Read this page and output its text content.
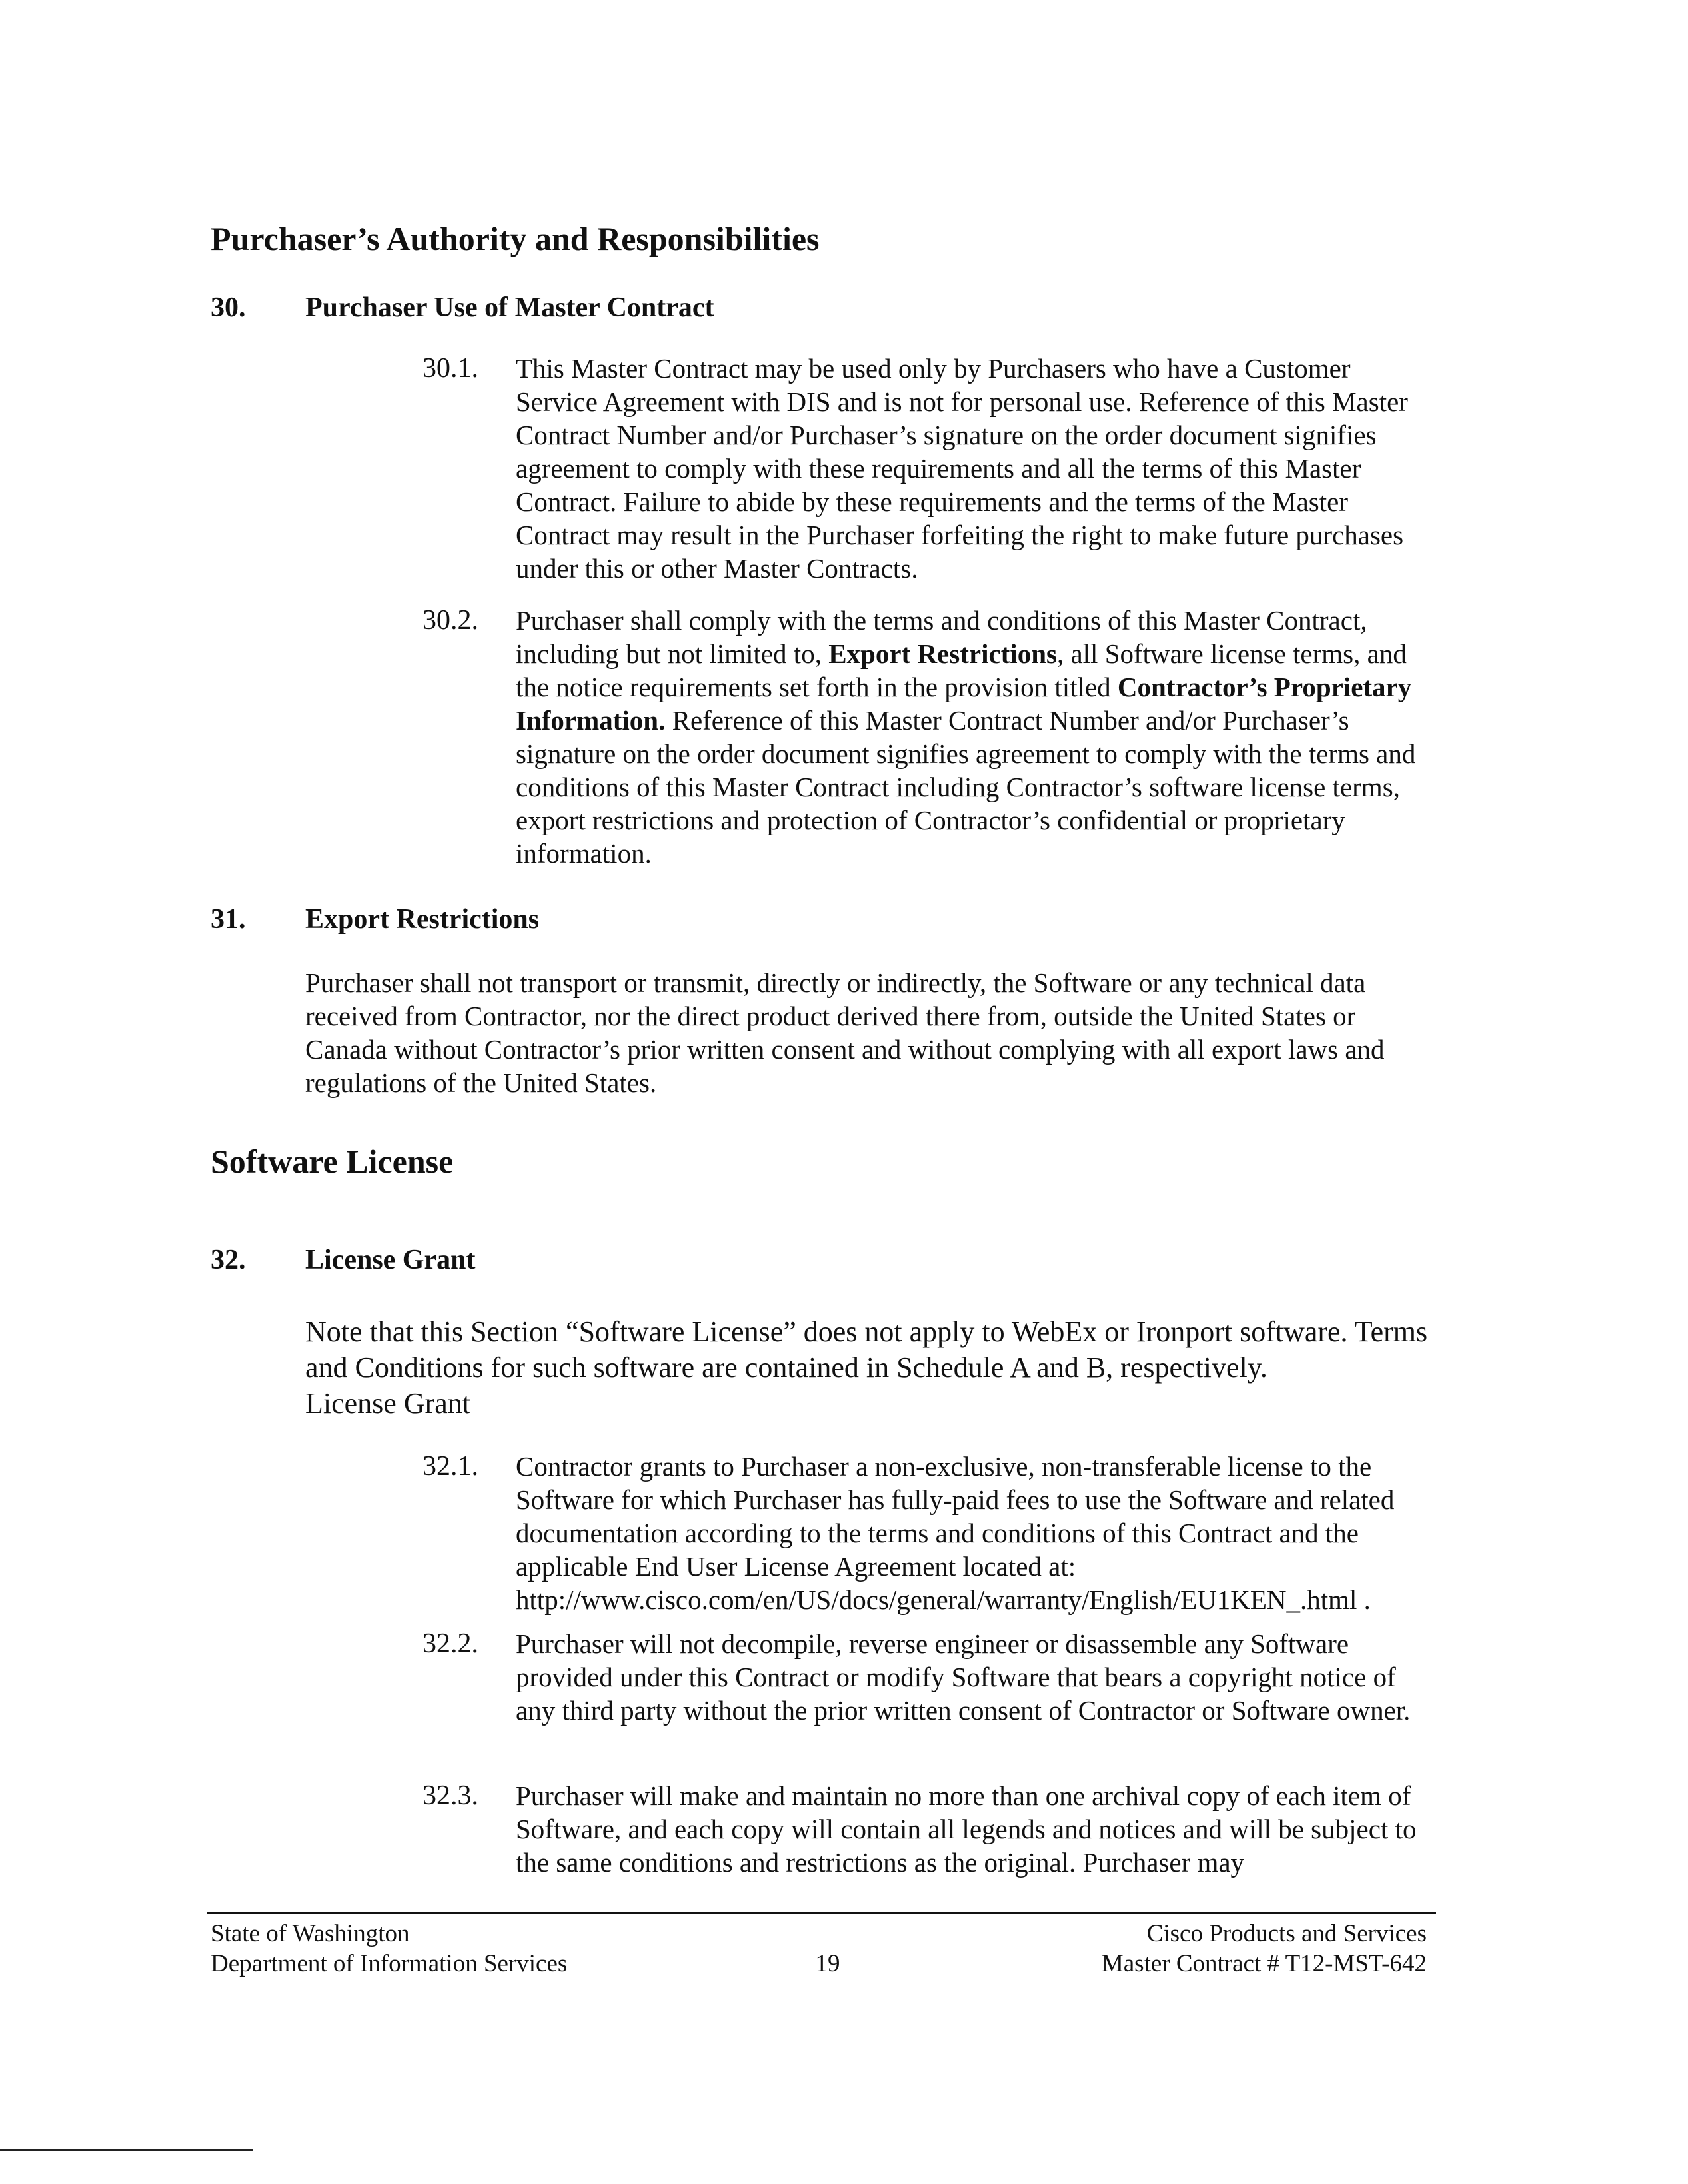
Purchaser’s Authority and Responsibilities
30. Purchaser Use of Master Contract
30.1. This Master Contract may be used only by Purchasers who have a Customer Service Agreement with DIS and is not for personal use. Reference of this Master Contract Number and/or Purchaser’s signature on the order document signifies agreement to comply with these requirements and all the terms of this Master Contract. Failure to abide by these requirements and the terms of the Master Contract may result in the Purchaser forfeiting the right to make future purchases under this or other Master Contracts.
30.2. Purchaser shall comply with the terms and conditions of this Master Contract, including but not limited to, Export Restrictions, all Software license terms, and the notice requirements set forth in the provision titled Contractor’s Proprietary Information. Reference of this Master Contract Number and/or Purchaser’s signature on the order document signifies agreement to comply with the terms and conditions of this Master Contract including Contractor’s software license terms, export restrictions and protection of Contractor’s confidential or proprietary information.
31. Export Restrictions
Purchaser shall not transport or transmit, directly or indirectly, the Software or any technical data received from Contractor, nor the direct product derived there from, outside the United States or Canada without Contractor’s prior written consent and without complying with all export laws and regulations of the United States.
Software License
32. License Grant
Note that this Section “Software License” does not apply to WebEx or Ironport software. Terms and Conditions for such software are contained in Schedule A and B, respectively.
License Grant
32.1. Contractor grants to Purchaser a non-exclusive, non-transferable license to the Software for which Purchaser has fully-paid fees to use the Software and related documentation according to the terms and conditions of this Contract and the applicable End User License Agreement located at:
http://www.cisco.com/en/US/docs/general/warranty/English/EU1KEN_.html .
32.2. Purchaser will not decompile, reverse engineer or disassemble any Software provided under this Contract or modify Software that bears a copyright notice of any third party without the prior written consent of Contractor or Software owner.
32.3. Purchaser will make and maintain no more than one archival copy of each item of Software, and each copy will contain all legends and notices and will be subject to the same conditions and restrictions as the original. Purchaser may
State of Washington
Department of Information Services	19
Cisco Products and Services
Master Contract # T12-MST-642
